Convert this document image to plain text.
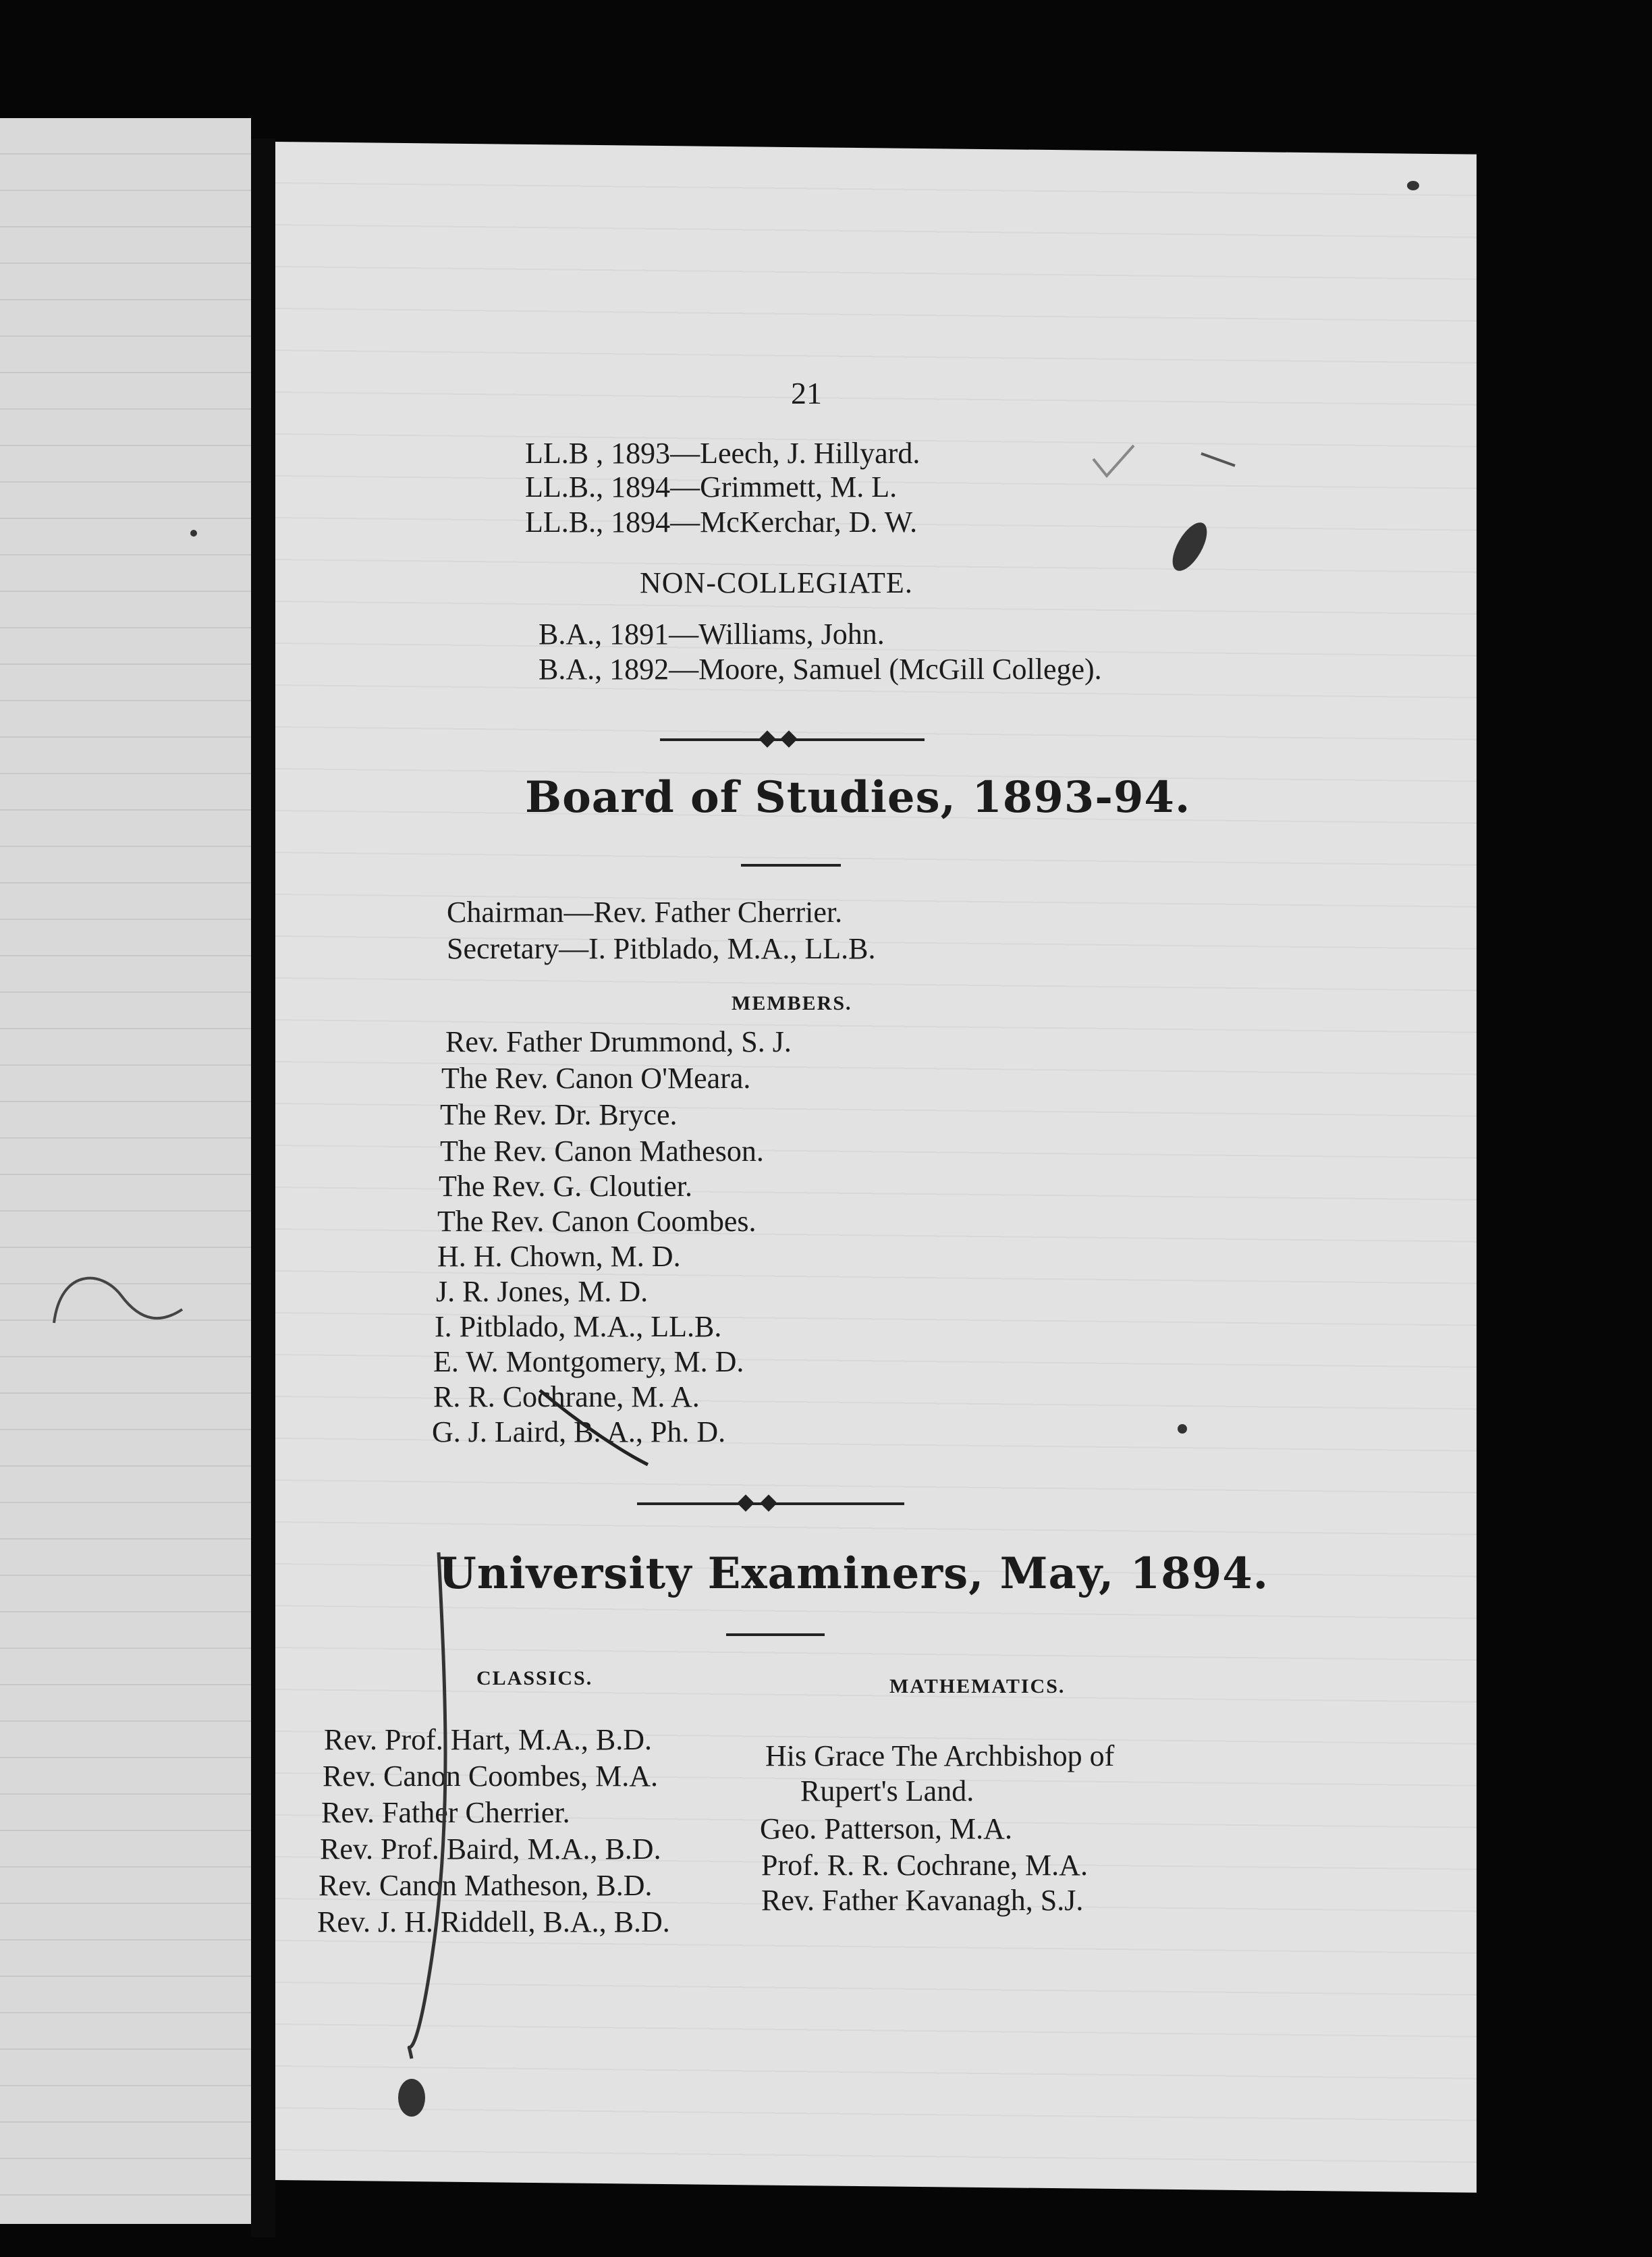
21
LL.B , 1893—Leech, J. Hillyard.
LL.B., 1894—Grimmett, M. L.
LL.B., 1894—McKerchar, D. W.
NON-COLLEGIATE.
B.A., 1891—Williams, John.
B.A., 1892—Moore, Samuel (McGill College).
Board of Studies, 1893-94.
Chairman—Rev. Father Cherrier.
Secretary—I. Pitblado, M.A., LL.B.
MEMBERS.
Rev. Father Drummond, S. J.
The Rev. Canon O'Meara.
The Rev. Dr. Bryce.
The Rev. Canon Matheson.
The Rev. G. Cloutier.
The Rev. Canon Coombes.
H. H. Chown, M. D.
J. R. Jones, M. D.
I. Pitblado, M.A., LL.B.
E. W. Montgomery, M. D.
R. R. Cochrane, M. A.
G. J. Laird, B. A., Ph. D.
University Examiners, May, 1894.
CLASSICS.	MATHEMATICS.
Rev. Prof. Hart, M.A., B.D.
Rev. Canon Coombes, M.A.
Rev. Father Cherrier.
Rev. Prof. Baird, M.A., B.D.
Rev. Canon Matheson, B.D.
Rev. J. H. Riddell, B.A., B.D.
His Grace The Archbishop of
Rupert's Land.
Geo. Patterson, M.A.
Prof. R. R. Cochrane, M.A.
Rev. Father Kavanagh, S.J.
